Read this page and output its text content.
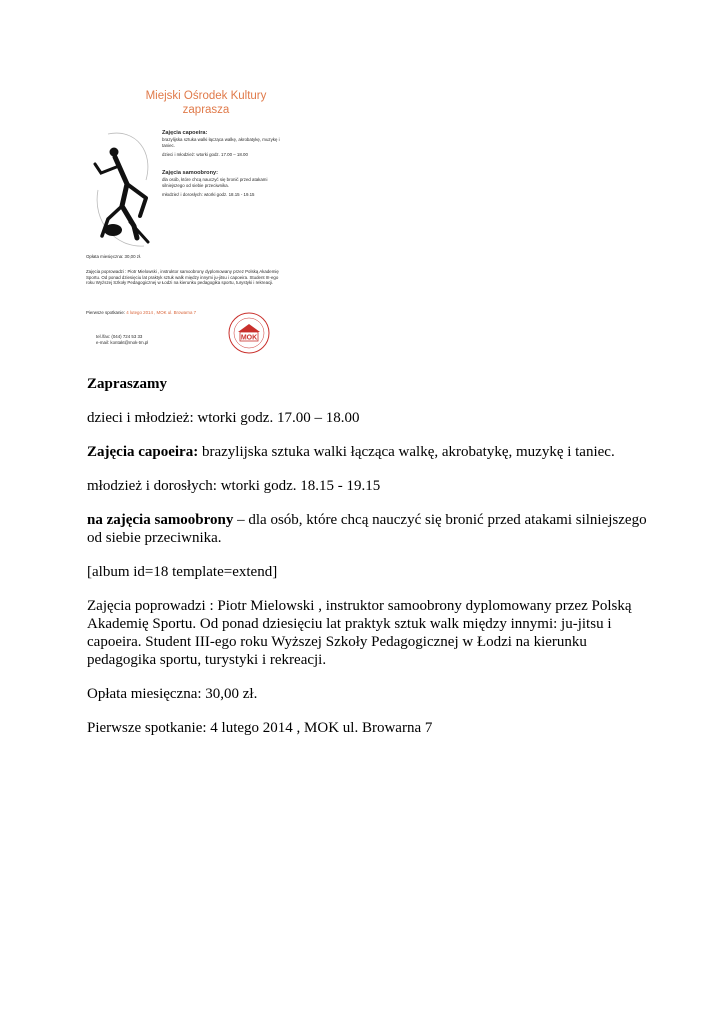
Miejski Ośrodek Kultury
zaprasza
Zajęcia capoeira:
brazylijska sztuka walki łącząca walkę, akrobatykę, muzykę i taniec.
dzieci i młodzież: wtorki godz. 17.00 – 18.00
Zajęcia samoobrony:
dla osób, które chcą nauczyć się bronić przed atakami silniejszego od siebie przeciwnika.
młodzież i dorosłych: wtorki godz. 18.15 - 19.15
Opłata miesięczna: 30,00 zł.
Zajęcia poprowadzi : Piotr Mielowski , instruktor samoobrony dyplomowany przez Polską Akademię Sportu. Od ponad dziesięciu lat praktyk sztuk walk między innymi ju-jitsu i capoeira. Student III-ego roku Wyższej Szkoły Pedagogicznej w Łodzi na kierunku pedagogika sportu, turystyki i rekreacji.
Pierwsze spotkanie: 4 lutego 2014 , MOK ul. Browarna 7
tel./fax: (044) 724 53 33
e-mail: kontakt@mok-tm.pl
MOK

Zapraszamy

dzieci i młodzież: wtorki godz. 17.00 – 18.00

Zajęcia capoeira: brazylijska sztuka walki łącząca walkę, akrobatykę, muzykę i taniec.

młodzież i dorosłych: wtorki godz. 18.15 - 19.15

na zajęcia samoobrony – dla osób, które chcą nauczyć się bronić przed atakami silniejszego od siebie przeciwnika.

[album id=18 template=extend]

Zajęcia poprowadzi : Piotr Mielowski , instruktor samoobrony dyplomowany przez Polską Akademię Sportu. Od ponad dziesięciu lat praktyk sztuk walk między innymi: ju-jitsu i capoeira. Student III-ego roku Wyższej Szkoły Pedagogicznej w Łodzi na kierunku pedagogika sportu, turystyki i rekreacji.

Opłata miesięczna: 30,00 zł.

Pierwsze spotkanie: 4 lutego 2014 , MOK ul. Browarna 7
